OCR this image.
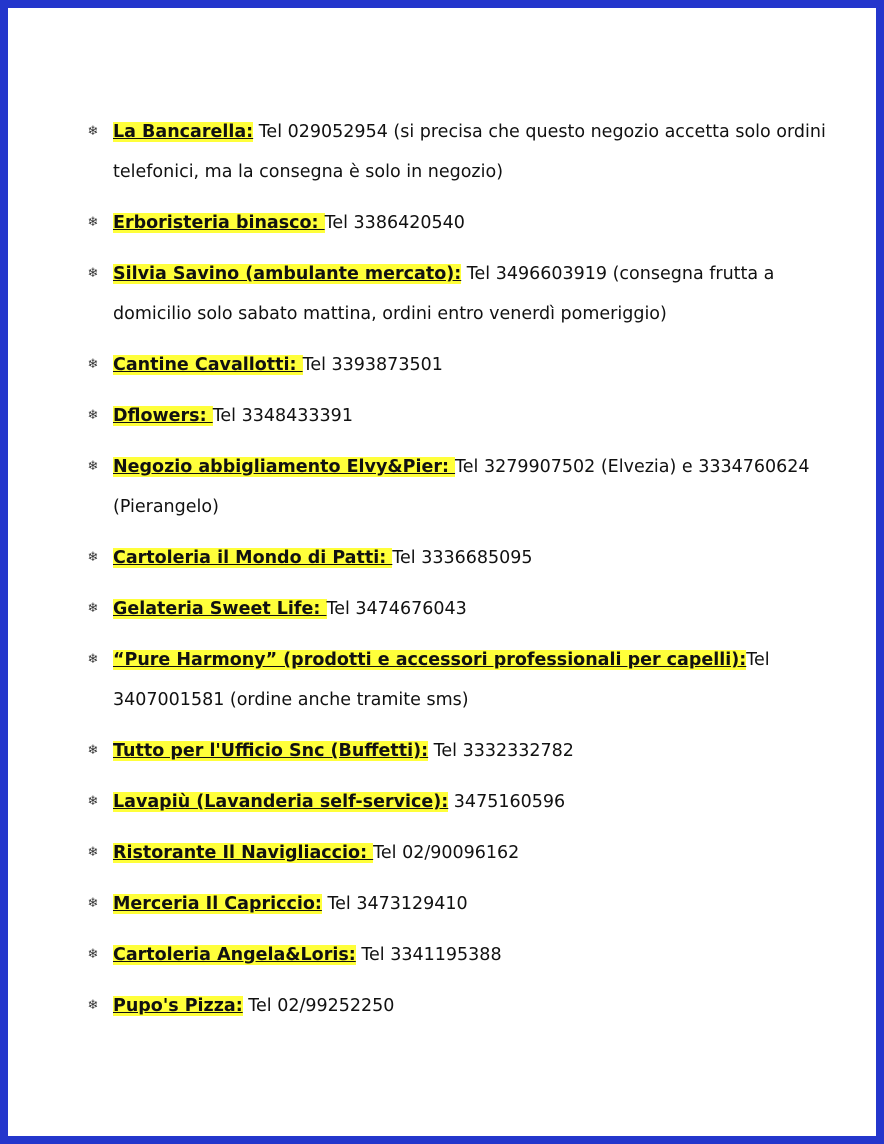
❄ La Bancarella: Tel 029052954 (si precisa che questo negozio accetta solo ordini telefonici, ma la consegna è solo in negozio)
❄ Erboristeria binasco: Tel 3386420540
❄ Silvia Savino (ambulante mercato): Tel 3496603919 (consegna frutta a domicilio solo sabato mattina, ordini entro venerdì pomeriggio)
❄ Cantine Cavallotti: Tel 3393873501
❄ Dflowers: Tel 3348433391
❄ Negozio abbigliamento Elvy&Pier: Tel 3279907502 (Elvezia) e 3334760624 (Pierangelo)
❄ Cartoleria il Mondo di Patti: Tel 3336685095
❄ Gelateria Sweet Life: Tel 3474676043
❄ “Pure Harmony” (prodotti e accessori professionali per capelli):Tel 3407001581 (ordine anche tramite sms)
❄ Tutto per l'Ufficio Snc (Buffetti): Tel 3332332782
❄ Lavapiù (Lavanderia self-service): 3475160596
❄ Ristorante Il Navigliaccio: Tel 02/90096162
❄ Merceria Il Capriccio: Tel 3473129410
❄ Cartoleria Angela&Loris: Tel 3341195388
❄ Pupo's Pizza: Tel 02/99252250
